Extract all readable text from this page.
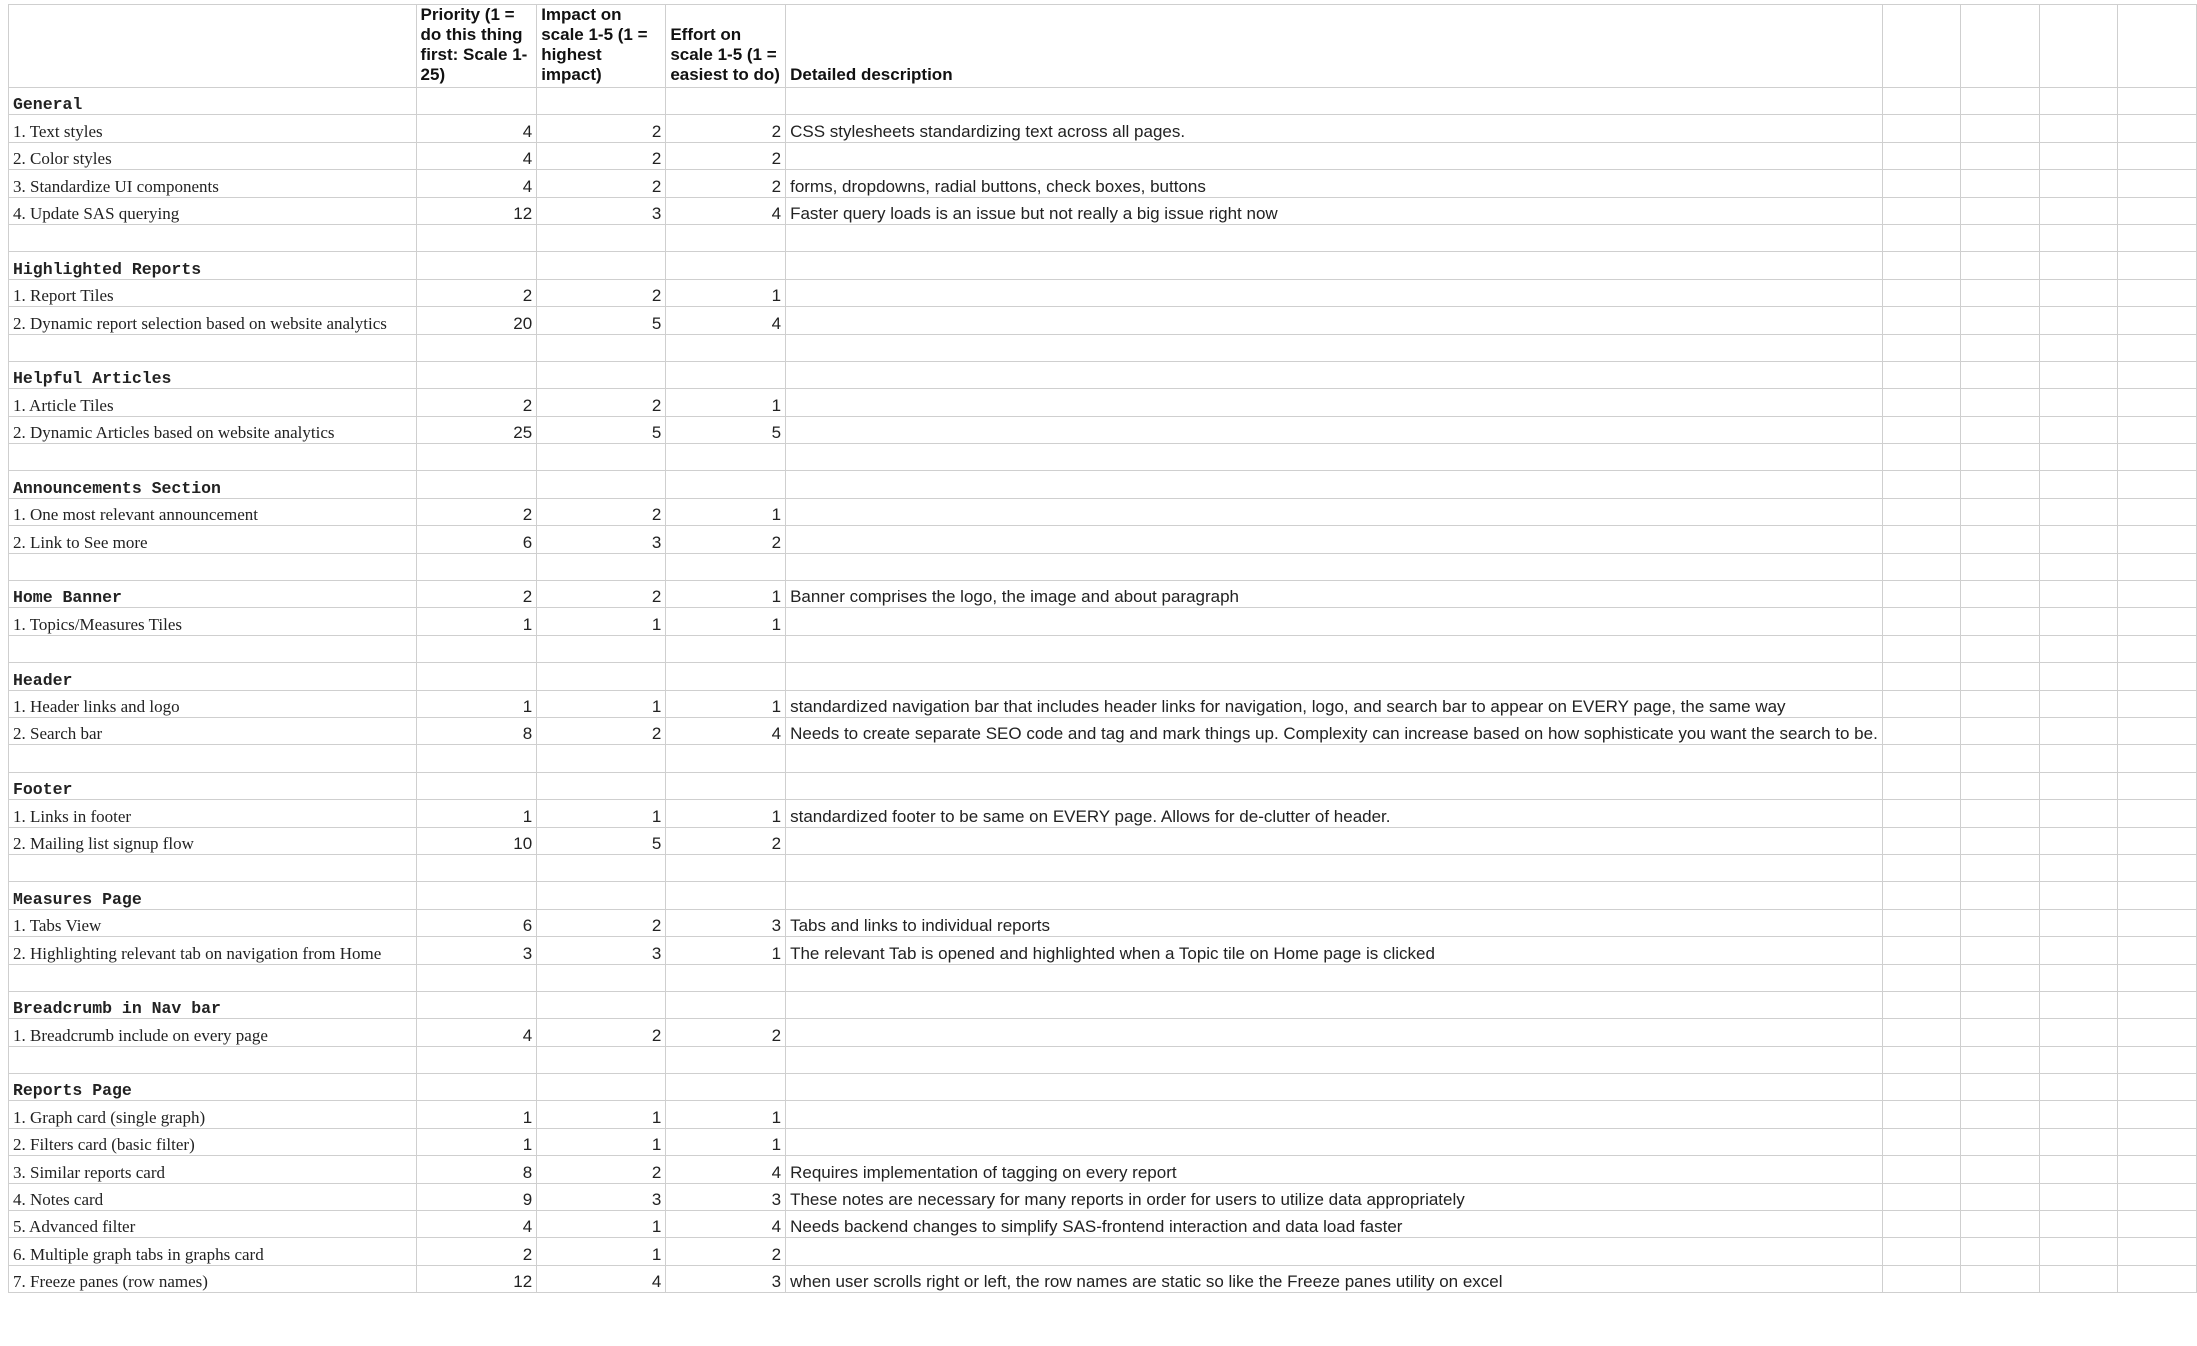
	Priority (1 = do this thing first: Scale 1-25)	Impact on scale 1-5 (1 = highest impact)	Effort on scale 1-5 (1 = easiest to do)	Detailed description				
General								
1. Text styles	4	2	2	CSS stylesheets standardizing text across all pages.				
2. Color styles	4	2	2					
3. Standardize UI components	4	2	2	forms, dropdowns, radial buttons, check boxes, buttons				
4. Update SAS querying	12	3	4	Faster query loads is an issue but not really a big issue right now				

Highlighted Reports								
1. Report Tiles	2	2	1					
2. Dynamic report selection based on website analytics	20	5	4					

Helpful Articles								
1. Article Tiles	2	2	1					
2. Dynamic Articles based on website analytics	25	5	5					

Announcements Section								
1. One most relevant announcement	2	2	1					
2. Link to See more	6	3	2					

Home Banner	2	2	1	Banner comprises the logo, the image and about paragraph				
1. Topics/Measures Tiles	1	1	1					

Header								
1. Header links and logo	1	1	1	standardized navigation bar that includes header links for navigation, logo, and search bar to appear on EVERY page, the same way				
2. Search bar	8	2	4	Needs to create separate SEO code and tag and mark things up. Complexity can increase based on how sophisticate you want the search to be.				

Footer								
1. Links in footer	1	1	1	standardized footer to be same on EVERY page. Allows for de-clutter of header.				
2. Mailing list signup flow	10	5	2					

Measures Page								
1. Tabs View	6	2	3	Tabs and links to individual reports				
2. Highlighting relevant tab on navigation from Home	3	3	1	The relevant Tab is opened and highlighted when a Topic tile on Home page is clicked				

Breadcrumb in Nav bar								
1. Breadcrumb include on every page	4	2	2					

Reports Page								
1. Graph card (single graph)	1	1	1					
2. Filters card (basic filter)	1	1	1					
3. Similar reports card	8	2	4	Requires implementation of tagging on every report				
4. Notes card	9	3	3	These notes are necessary for many reports in order for users to utilize data appropriately				
5. Advanced filter	4	1	4	Needs backend changes to simplify SAS-frontend interaction and data load faster				
6. Multiple graph tabs in graphs card	2	1	2					
7. Freeze panes (row names)	12	4	3	when user scrolls right or left, the row names are static so like the Freeze panes utility on excel				
